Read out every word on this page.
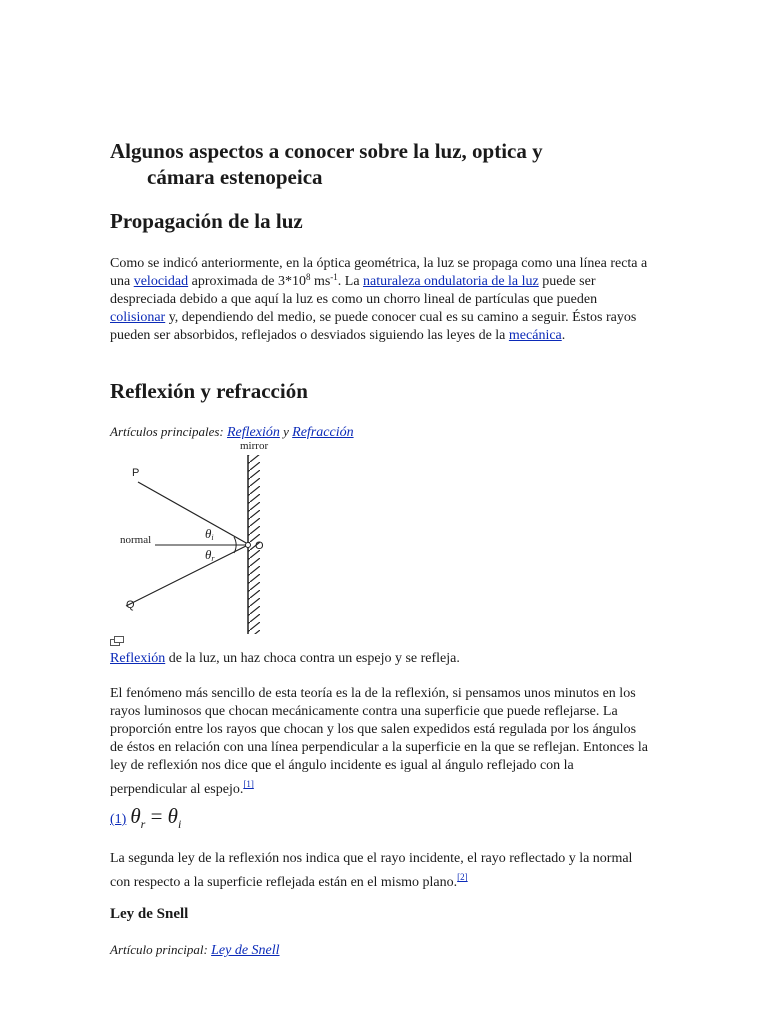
Algunos aspectos a conocer sobre la luz, optica y
cámara estenopeica
Propagación de la luz

Como se indicó anteriormente, en la óptica geométrica, la luz se propaga como una línea recta a una velocidad aproximada de $3*10^8$ $ms^{-1}$. La naturaleza ondulatoria de la luz puede ser despreciada debido a que aquí la luz es como un chorro lineal de partículas que pueden colisionar y, dependiendo del medio, se puede conocer cual es su camino a seguir. Éstos rayos pueden ser absorbidos, reflejados o desviados siguiendo las leyes de la mecánica.

Reflexión y refracción

Artículos principales: Reflexión y Refracción

mirror
P
normal
Q
O
θi
θr

Reflexión de la luz, un haz choca contra un espejo y se refleja.

El fenómeno más sencillo de esta teoría es la de la reflexión, si pensamos unos minutos en los rayos luminosos que chocan mecánicamente contra una superficie que puede reflejarse. La proporción entre los rayos que chocan y los que salen expedidos está regulada por los ángulos de éstos en relación con una línea perpendicular a la superficie en la que se reflejan. Entonces la ley de reflexión nos dice que el ángulo incidente es igual al ángulo reflejado con la perpendicular al espejo.[1]

(1) $\theta_r = \theta_i$

La segunda ley de la reflexión nos indica que el rayo incidente, el rayo reflectado y la normal con respecto a la superficie reflejada están en el mismo plano.[2]

Ley de Snell

Artículo principal: Ley de Snell
